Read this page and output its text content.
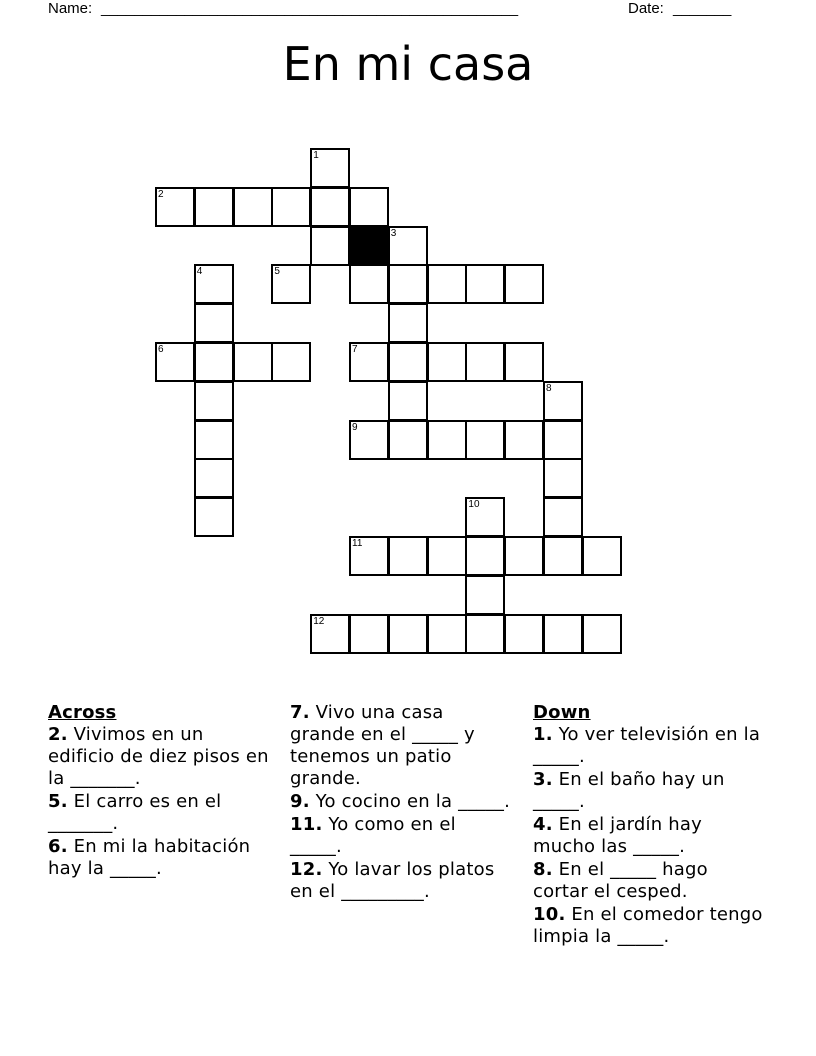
Name: __________________________________________________	Date: _______
En mi casa
1
2
3
4	5
6	7
8
9
10
11
12
Across
2. Vivimos en un edificio de diez pisos en la _______.
5. El carro es en el _______.
6. En mi la habitación hay la _____.
7. Vivo una casa grande en el _____ y tenemos un patio grande.
9. Yo cocino en la _____.
11. Yo como en el _____.
12. Yo lavar los platos en el _________.
Down
1. Yo ver televisión en la _____.
3. En el baño hay un _____.
4. En el jardín hay mucho las _____.
8. En el _____ hago cortar el cesped.
10. En el comedor tengo limpia la _____.
